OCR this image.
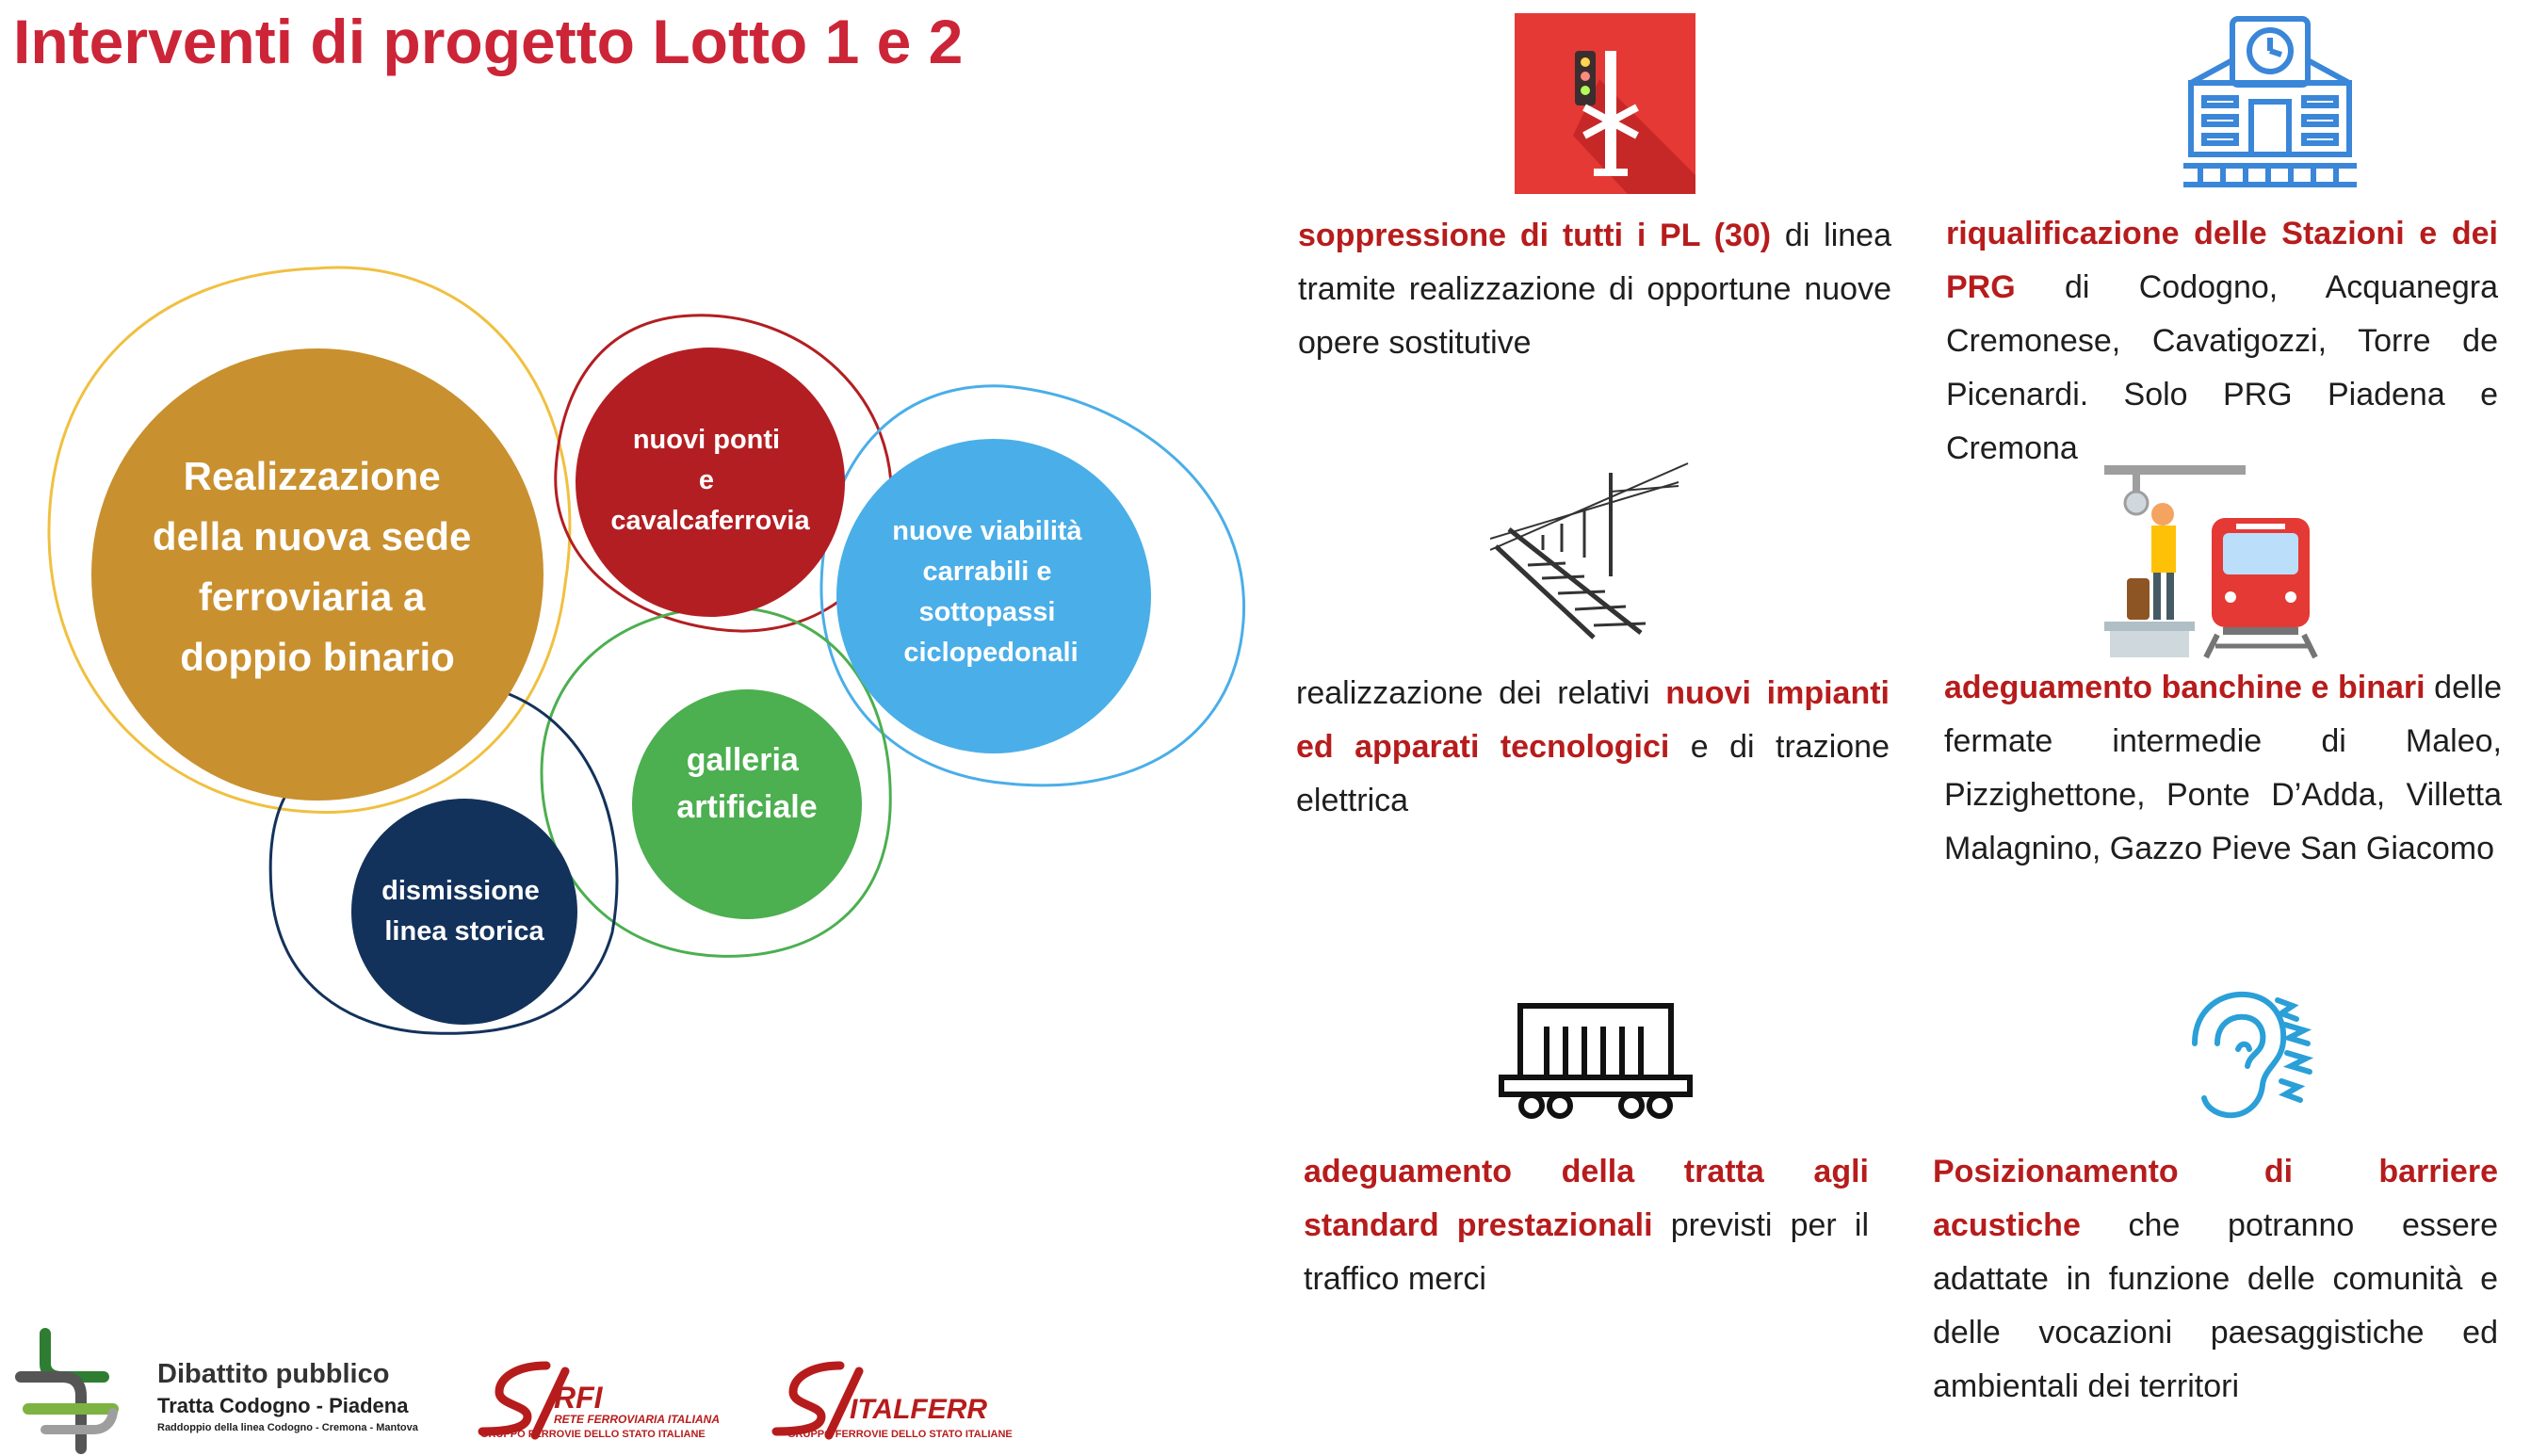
Interventi di progetto Lotto 1 e 2
Realizzazione della nuova sede ferroviaria a doppio binario
nuovi ponti e cavalcaferrovia	nuove viabilità carrabili e sottopassi ciclopedonali
galleria artificiale
dismissione linea storica
soppressione di tutti i PL (30) di linea tramite realizzazione di opportune nuove opere sostitutive
riqualificazione delle Stazioni e dei PRG di Codogno, Acquanegra Cremonese, Cavatigozzi, Torre de Picenardi. Solo PRG Piadena e Cremona
realizzazione dei relativi nuovi impianti ed apparati tecnologici e di trazione elettrica
adeguamento banchine e binari delle fermate intermedie di Maleo, Pizzighettone, Ponte D’Adda, Villetta Malagnino, Gazzo Pieve San Giacomo
adeguamento della tratta agli standard prestazionali previsti per il traffico merci
Posizionamento di barriere acustiche che potranno essere adattate in funzione delle comunità e delle vocazioni paesaggistiche ed ambientali dei territori
Dibattito pubblico
Tratta Codogno - Piadena
Raddoppio della linea Codogno - Cremona - Mantova
RFI
RETE FERROVIARIA ITALIANA
GRUPPO FERROVIE DELLO STATO ITALIANE
ITALFERR
GRUPPO FERROVIE DELLO STATO ITALIANE
